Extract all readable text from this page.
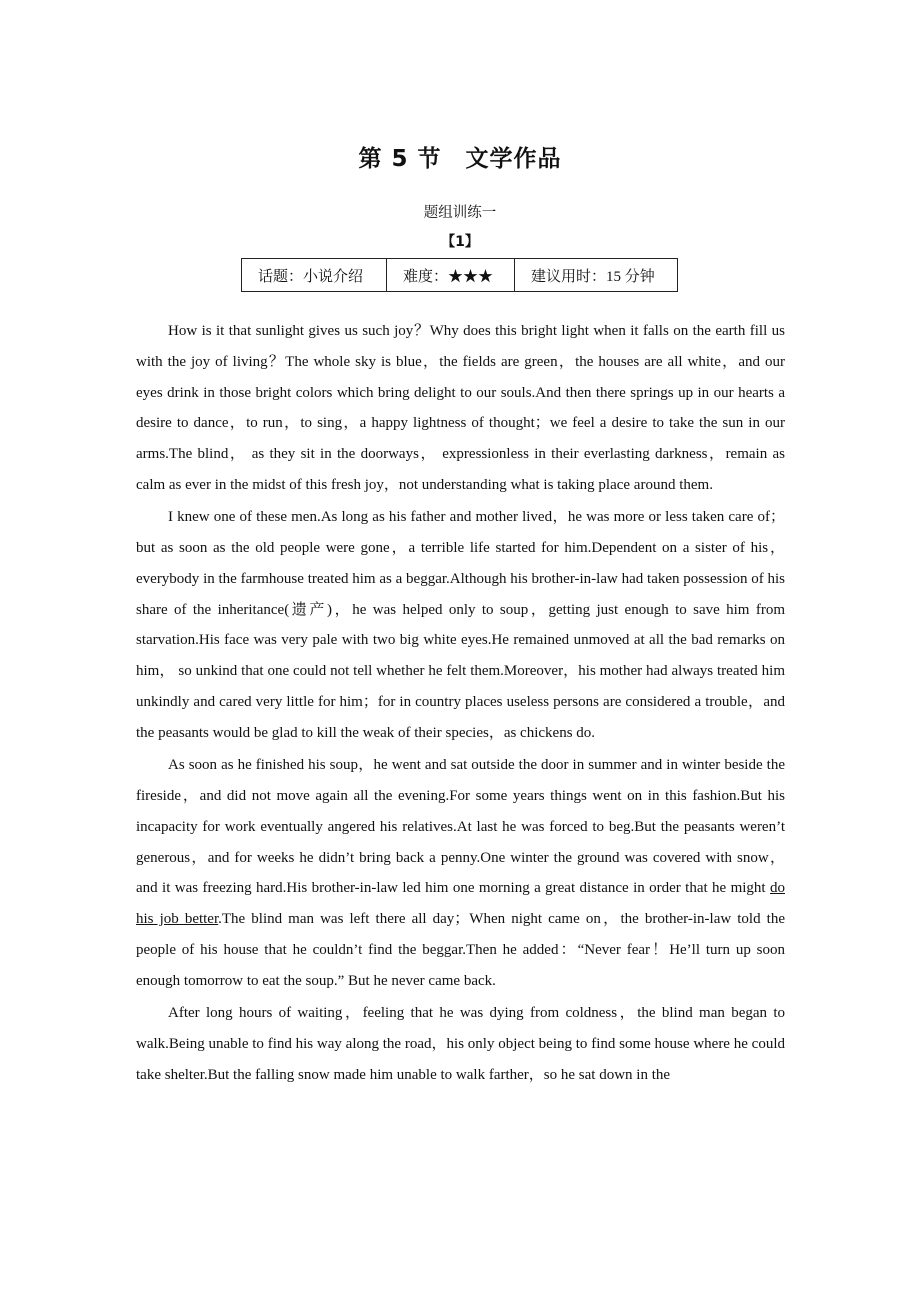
第 5 节　文学作品
题组训练一
【1】
话题：小说介绍	难度：★★★	建议用时：15 分钟

How is it that sunlight gives us such joy？Why does this bright light when it falls on the earth fill us with the joy of living？The whole sky is blue，the fields are green，the houses are all white，and our eyes drink in those bright colors which bring delight to our souls.And then there springs up in our hearts a desire to dance，to run，to sing，a happy lightness of thought；we feel a desire to take the sun in our arms.The blind， as they sit in the doorways， expressionless in their everlasting darkness，remain as calm as ever in the midst of this fresh joy，not understanding what is taking place around them.

I knew one of these men.As long as his father and mother lived，he was more or less taken care of；but as soon as the old people were gone，a terrible life started for him.Dependent on a sister of his，everybody in the farmhouse treated him as a beggar.Although his brother-in-law had taken possession of his share of the inheritance(遗产)，he was helped only to soup，getting just enough to save him from starvation.His face was very pale with two big white eyes.He remained unmoved at all the bad remarks on him， so unkind that one could not tell whether he felt them.Moreover，his mother had always treated him unkindly and cared very little for him；for in country places useless persons are considered a trouble，and the peasants would be glad to kill the weak of their species，as chickens do.

As soon as he finished his soup，he went and sat outside the door in summer and in winter beside the fireside，and did not move again all the evening.For some years things went on in this fashion.But his incapacity for work eventually angered his relatives.At last he was forced to beg.But the peasants weren’t generous，and for weeks he didn’t bring back a penny.One winter the ground was covered with snow， and it was freezing hard.His brother-in-law led him one morning a great distance in order that he might do his job better.The blind man was left there all day；When night came on，the brother-in-law told the people of his house that he couldn’t find the beggar.Then he added：“Never fear！He’ll turn up soon enough tomorrow to eat the soup.” But he never came back.

After long hours of waiting，feeling that he was dying from coldness，the blind man began to walk.Being unable to find his way along the road，his only object being to find some house where he could take shelter.But the falling snow made him unable to walk farther，so he sat down in the
